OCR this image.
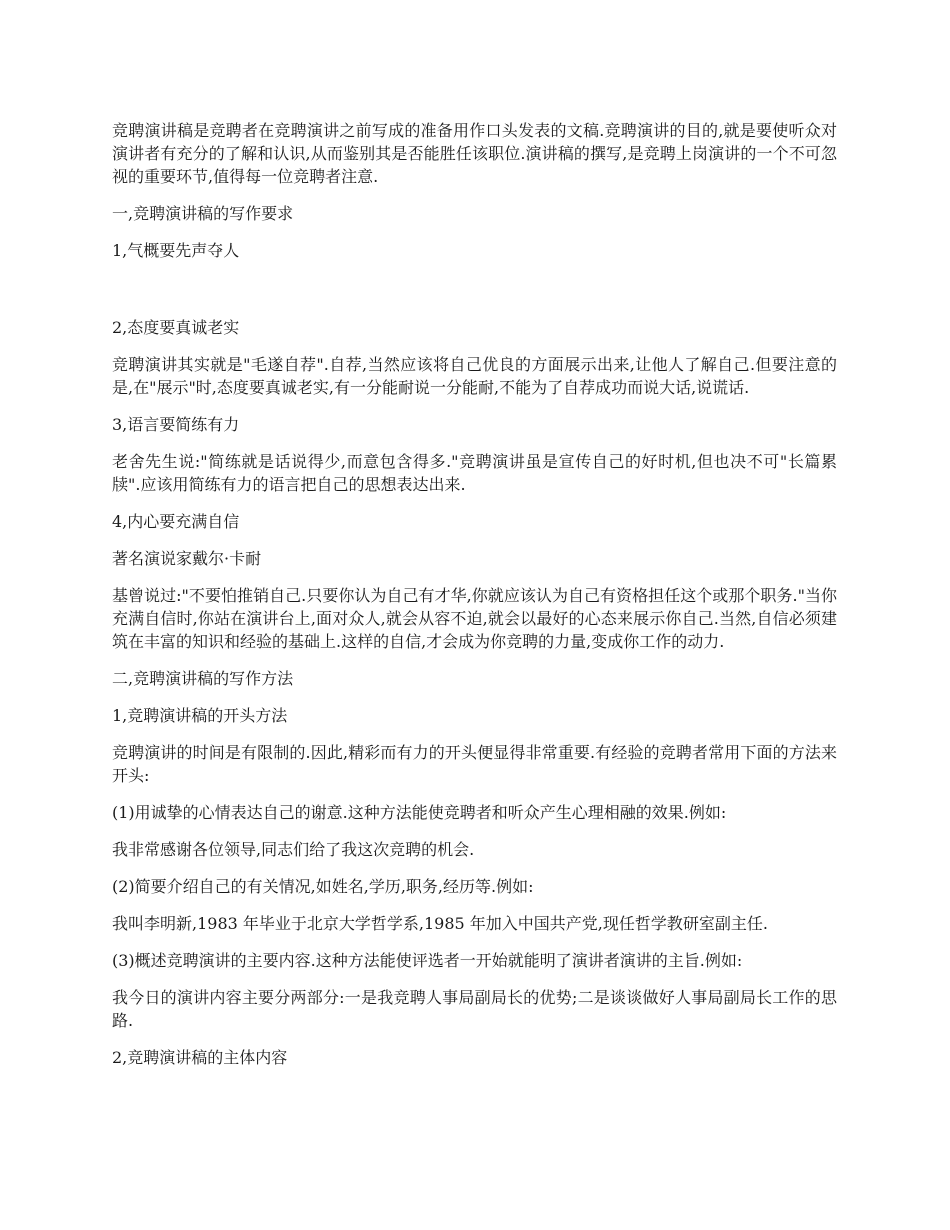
竞聘演讲稿是竞聘者在竞聘演讲之前写成的准备用作口头发表的文稿.竞聘演讲的目的,就是要使听众对演讲者有充分的了解和认识,从而鉴别其是否能胜任该职位.演讲稿的撰写,是竞聘上岗演讲的一个不可忽视的重要环节,值得每一位竞聘者注意.

一,竞聘演讲稿的写作要求

1,气概要先声夺人

2,态度要真诚老实

竞聘演讲其实就是"毛遂自荐".自荐,当然应该将自己优良的方面展示出来,让他人了解自己.但要注意的是,在"展示"时,态度要真诚老实,有一分能耐说一分能耐,不能为了自荐成功而说大话,说谎话.

3,语言要简练有力

老舍先生说:"简练就是话说得少,而意包含得多."竞聘演讲虽是宣传自己的好时机,但也决不可"长篇累牍".应该用简练有力的语言把自己的思想表达出来.

4,内心要充满自信

著名演说家戴尔·卡耐

基曾说过:"不要怕推销自己.只要你认为自己有才华,你就应该认为自己有资格担任这个或那个职务."当你充满自信时,你站在演讲台上,面对众人,就会从容不迫,就会以最好的心态来展示你自己.当然,自信必须建筑在丰富的知识和经验的基础上.这样的自信,才会成为你竞聘的力量,变成你工作的动力.

二,竞聘演讲稿的写作方法

1,竞聘演讲稿的开头方法

竞聘演讲的时间是有限制的.因此,精彩而有力的开头便显得非常重要.有经验的竞聘者常用下面的方法来开头:

(1)用诚挚的心情表达自己的谢意.这种方法能使竞聘者和听众产生心理相融的效果.例如:

我非常感谢各位领导,同志们给了我这次竞聘的机会.

(2)简要介绍自己的有关情况,如姓名,学历,职务,经历等.例如:

我叫李明新,1983 年毕业于北京大学哲学系,1985 年加入中国共产党,现任哲学教研室副主任.

(3)概述竞聘演讲的主要内容.这种方法能使评选者一开始就能明了演讲者演讲的主旨.例如:

我今日的演讲内容主要分两部分:一是我竞聘人事局副局长的优势;二是谈谈做好人事局副局长工作的思路.

2,竞聘演讲稿的主体内容
